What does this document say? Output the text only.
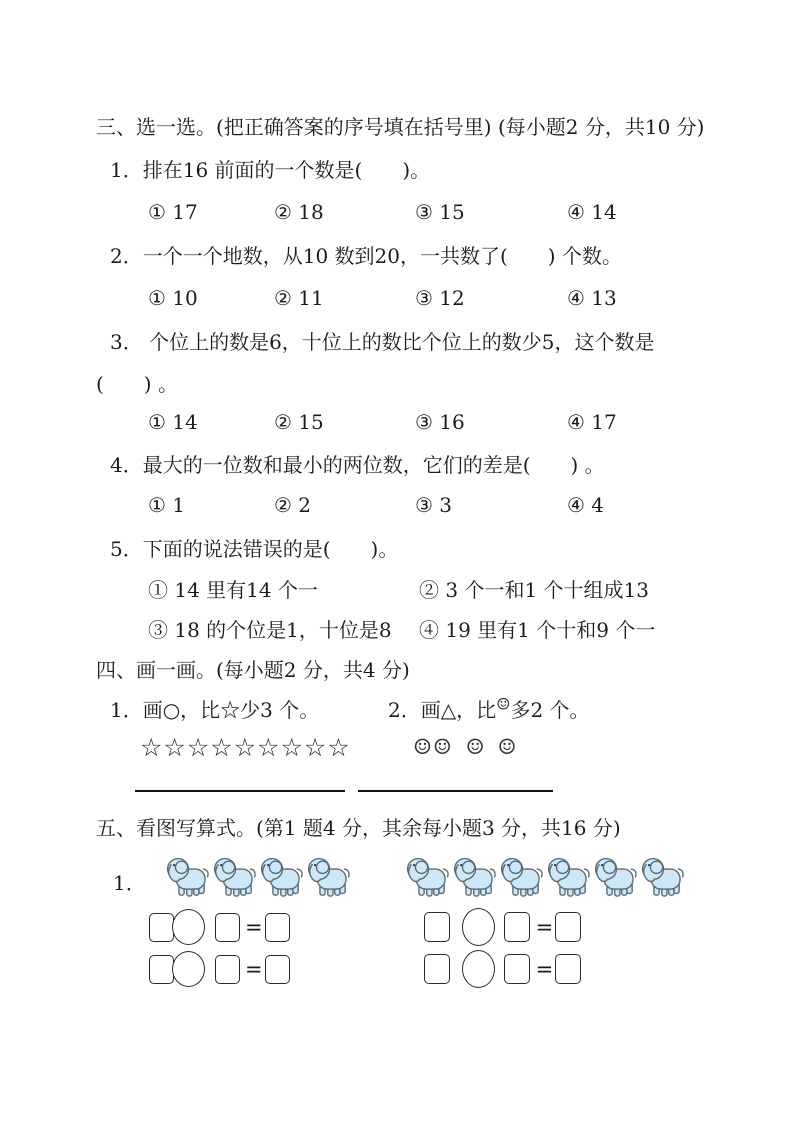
三、选一选。(把正确答案的序号填在括号里) (每小题2 分，共10 分)
1．排在16 前面的一个数是(　　)。
① 17	② 18	③ 15	④ 14
2．一个一个地数，从10 数到20，一共数了(　　) 个数。
① 10	② 11	③ 12	④ 13
3． 个位上的数是6，十位上的数比个位上的数少5，这个数是
(　　) 。
① 14	② 15	③ 16	④ 17
4．最大的一位数和最小的两位数，它们的差是(　　) 。
① 1	② 2	③ 3	④ 4
5．下面的说法错误的是(　　)。
① 14 里有14 个一	② 3 个一和1 个十组成13
③ 18 的个位是1，十位是8	④ 19 里有1 个十和9 个一
四、画一画。(每小题2 分，共4 分)
1．画○，比☆少3 个。	2．画△，比☺多2 个。
☆☆☆☆☆☆☆☆☆	☺☺ ☺ ☺

五、看图写算式。(第1 题4 分，其余每小题3 分，共16 分)
1．
=	=
=	=
